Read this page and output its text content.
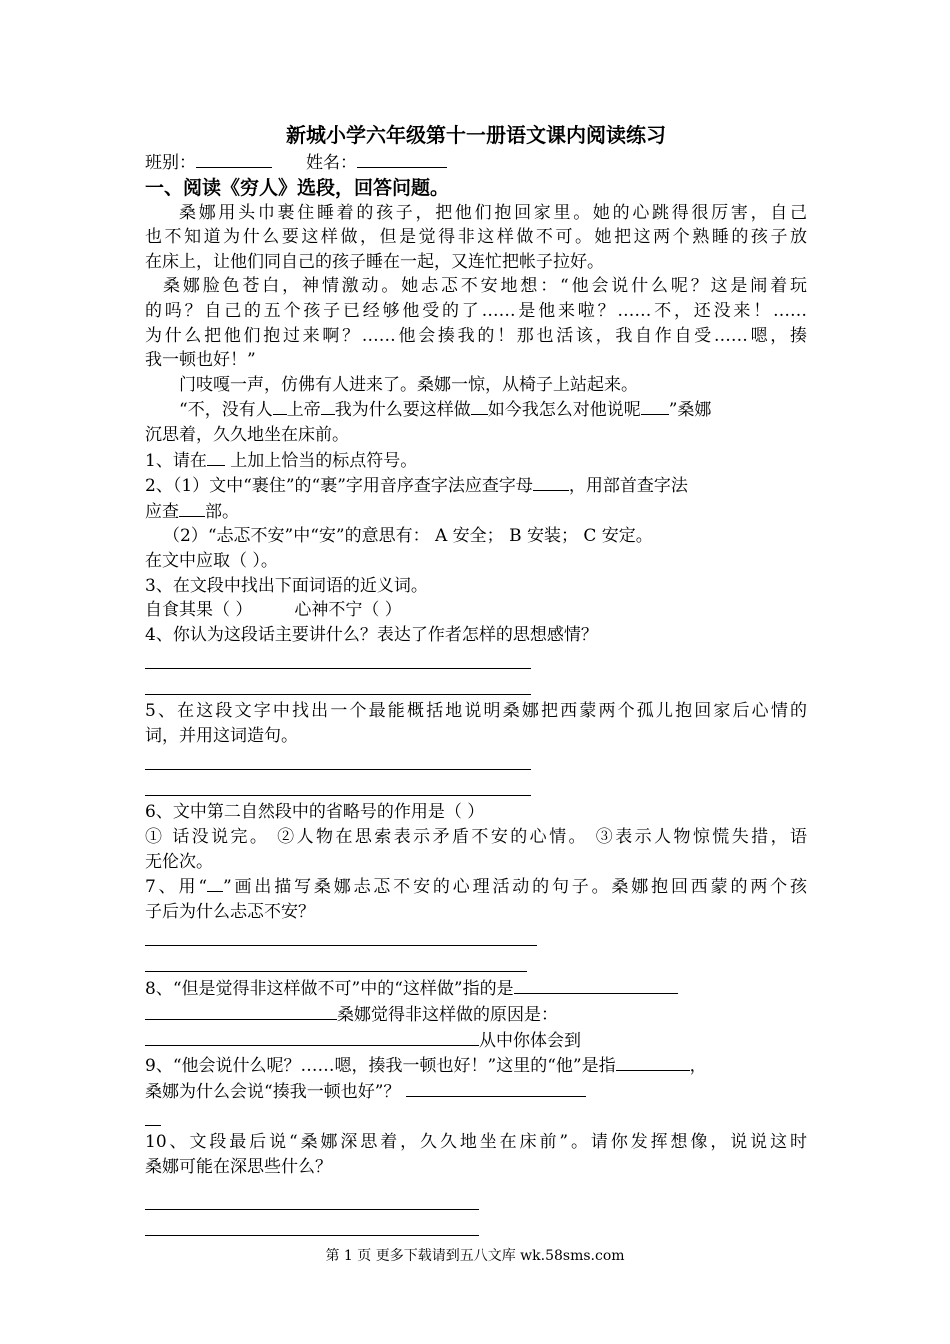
新城小学六年级第十一册语文课内阅读练习
班别：	姓名：
一、阅读《穷人》选段，回答问题。
桑娜用头巾裹住睡着的孩子，把他们抱回家里。她的心跳得很厉害，自己
也不知道为什么要这样做，但是觉得非这样做不可。她把这两个熟睡的孩子放
在床上，让他们同自己的孩子睡在一起，又连忙把帐子拉好。
桑娜脸色苍白，神情激动。她忐忑不安地想：“他会说什么呢？这是闹着玩
的吗？自己的五个孩子已经够他受的了……是他来啦？……不，还没来！……
为什么把他们抱过来啊？……他会揍我的！那也活该，我自作自受……嗯，揍
我一顿也好！”
门吱嘎一声，仿佛有人进来了。桑娜一惊，从椅子上站起来。
“不，没有人 上帝 我为什么要这样做 如今我怎么对他说呢 ”桑娜
沉思着，久久地坐在床前。
1、请在 上加上恰当的标点符号。
2、（1）文中“裹住”的“裹”字用音序查字法应查字母 ，用部首查字法
应查 部。
（2）“忐忑不安”中“安”的意思有： A 安全； B 安装； C 安定。
在文中应取（ ）。
3、在文段中找出下面词语的近义词。
自食其果（ ） 心神不宁（ ）
4、你认为这段话主要讲什么？表达了作者怎样的思想感情？
5、在这段文字中找出一个最能概括地说明桑娜把西蒙两个孤儿抱回家后心情的
词，并用这词造句。
6、文中第二自然段中的省略号的作用是（ ）
① 话没说完。 ②人物在思索表示矛盾不安的心情。 ③表示人物惊慌失措，语
无伦次。
7、用“ ”画出描写桑娜忐忑不安的心理活动的句子。桑娜抱回西蒙的两个孩
子后为什么忐忑不安？
8、“但是觉得非这样做不可”中的“这样做”指的是
桑娜觉得非这样做的原因是：
从中你体会到
9、“他会说什么呢？……嗯，揍我一顿也好！”这里的“他”是指	，
桑娜为什么会说“揍我一顿也好”？
10、文段最后说“桑娜深思着，久久地坐在床前”。请你发挥想像，说说这时
桑娜可能在深思些什么？
第 1 页 更多下载请到五八文库 wk.58sms.com
